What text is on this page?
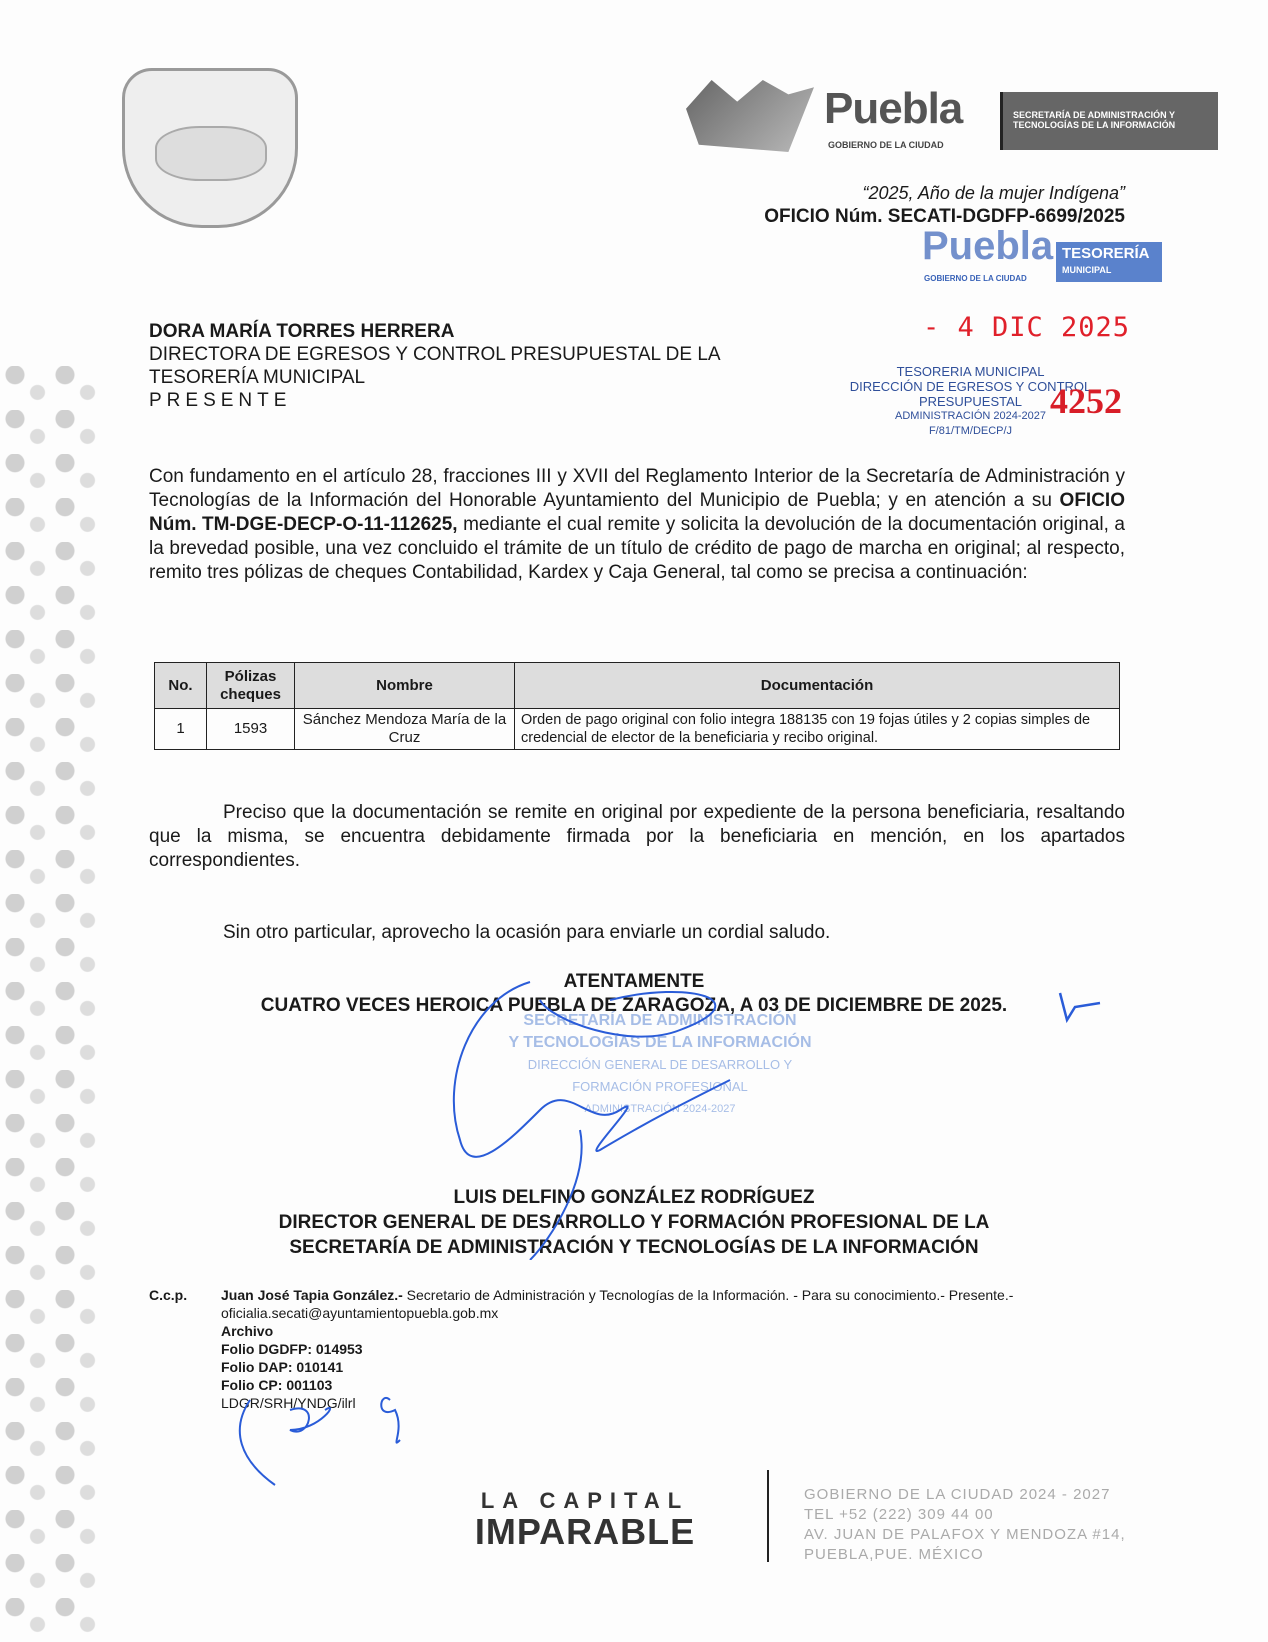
Puebla
GOBIERNO DE LA CIUDAD
SECRETARÍA DE ADMINISTRACIÓN Y TECNOLOGÍAS DE LA INFORMACIÓN
“2025, Año de la mujer Indígena”
OFICIO Núm. SECATI-DGDFP-6699/2025
Puebla
GOBIERNO DE LA CIUDAD
TESORERÍA
MUNICIPAL
- 4 DIC 2025
TESORERIA MUNICIPAL
DIRECCIÓN DE EGRESOS Y CONTROL
PRESUPUESTAL
ADMINISTRACIÓN 2024-2027
F/81/TM/DECP/J
4252
DORA MARÍA TORRES HERRERA
DIRECTORA DE EGRESOS Y CONTROL PRESUPUESTAL DE LA
TESORERÍA MUNICIPAL
PRESENTE
Con fundamento en el artículo 28, fracciones III y XVII del Reglamento Interior de la Secretaría de Administración y Tecnologías de la Información del Honorable Ayuntamiento del Municipio de Puebla; y en atención a su OFICIO Núm. TM-DGE-DECP-O-11-112625, mediante el cual remite y solicita la devolución de la documentación original, a la brevedad posible, una vez concluido el trámite de un título de crédito de pago de marcha en original; al respecto, remito tres pólizas de cheques Contabilidad, Kardex y Caja General, tal como se precisa a continuación:
No.	Pólizas cheques	Nombre	Documentación
1	1593	Sánchez Mendoza María de la Cruz	Orden de pago original con folio integra 188135 con 19 fojas útiles y 2 copias simples de credencial de elector de la beneficiaria y recibo original.
Preciso que la documentación se remite en original por expediente de la persona beneficiaria, resaltando que la misma, se encuentra debidamente firmada por la beneficiaria en mención, en los apartados correspondientes.
Sin otro particular, aprovecho la ocasión para enviarle un cordial saludo.
SECRETARÍA DE ADMINISTRACIÓN
Y TECNOLOGÍAS DE LA INFORMACIÓN
DIRECCIÓN GENERAL DE DESARROLLO Y
FORMACIÓN PROFESIONAL
ADMINISTRACIÓN 2024-2027
ATENTAMENTE
CUATRO VECES HEROICA PUEBLA DE ZARAGOZA, A 03 DE DICIEMBRE DE 2025.
LUIS DELFINO GONZÁLEZ RODRÍGUEZ
DIRECTOR GENERAL DE DESARROLLO Y FORMACIÓN PROFESIONAL DE LA
SECRETARÍA DE ADMINISTRACIÓN Y TECNOLOGÍAS DE LA INFORMACIÓN
C.c.p. Juan José Tapia González.- Secretario de Administración y Tecnologías de la Información. - Para su conocimiento.- Presente.-
oficialia.secati@ayuntamientopuebla.gob.mx
Archivo
Folio DGDFP: 014953
Folio DAP: 010141
Folio CP: 001103
LDGR/SRH/YNDG/ilrl
LA CAPITAL
IMPARABLE
GOBIERNO DE LA CIUDAD 2024 - 2027
TEL +52 (222) 309 44 00
AV. JUAN DE PALAFOX Y MENDOZA #14,
PUEBLA,PUE. MÉXICO
